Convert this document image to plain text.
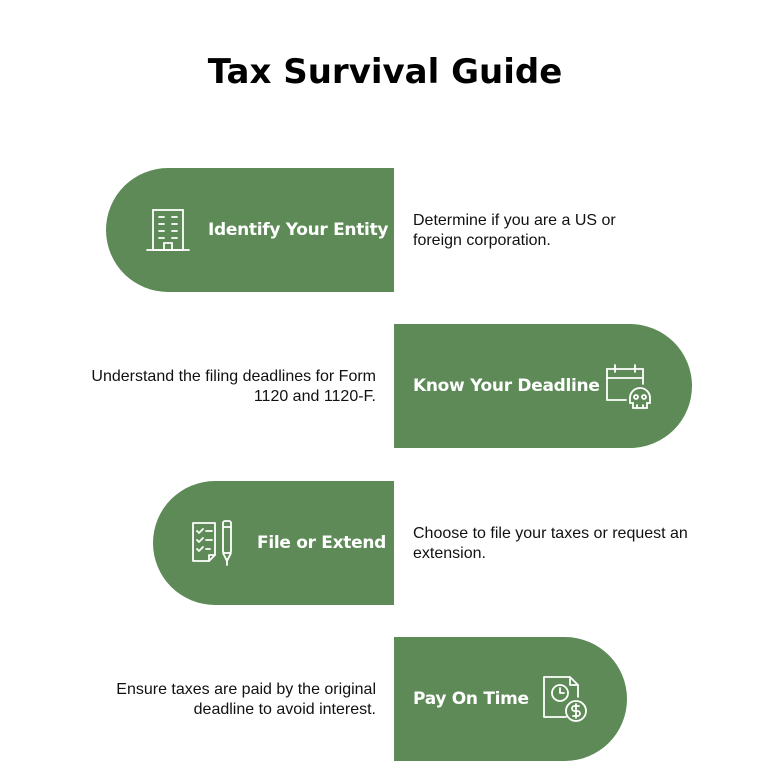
Tax Survival Guide
Identify Your Entity Determine if you are a US or foreign corporation.
Understand the filing deadlines for Form 1120 and 1120-F.
Know Your Deadline
File or Extend Choose to file your taxes or request an extension.
Ensure taxes are paid by the original deadline to avoid interest.
Pay On Time
